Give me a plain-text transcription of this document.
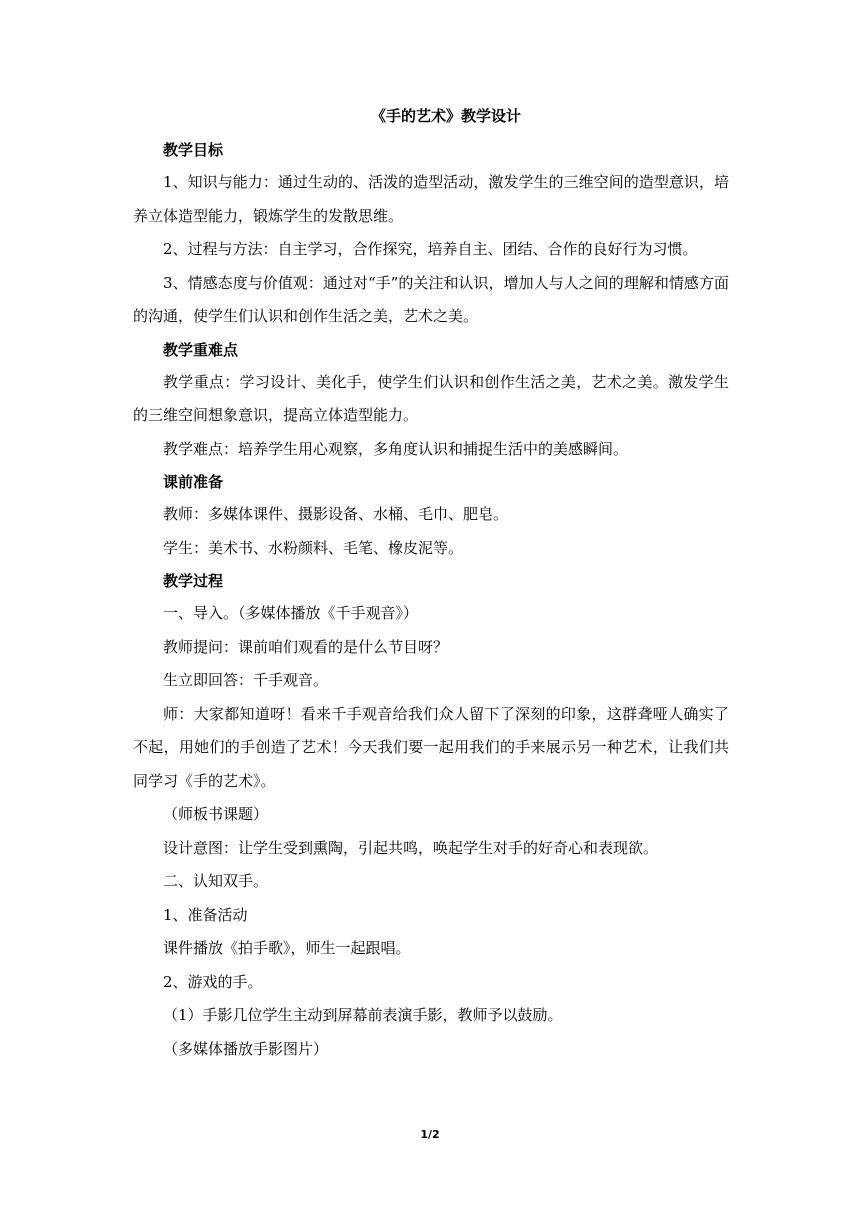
《手的艺术》教学设计
教学目标

1、知识与能力：通过生动的、活泼的造型活动，激发学生的三维空间的造型意识，培养立体造型能力，锻炼学生的发散思维。

2、过程与方法：自主学习，合作探究，培养自主、团结、合作的良好行为习惯。

3、情感态度与价值观：通过对“手”的关注和认识，增加人与人之间的理解和情感方面的沟通，使学生们认识和创作生活之美，艺术之美。

教学重难点

教学重点：学习设计、美化手，使学生们认识和创作生活之美，艺术之美。激发学生的三维空间想象意识，提高立体造型能力。

教学难点：培养学生用心观察，多角度认识和捕捉生活中的美感瞬间。

课前准备

教师：多媒体课件、摄影设备、水桶、毛巾、肥皂。

学生：美术书、水粉颜料、毛笔、橡皮泥等。

教学过程

一、导入。（多媒体播放《千手观音》）

教师提问：课前咱们观看的是什么节目呀？

生立即回答：千手观音。

师：大家都知道呀！看来千手观音给我们众人留下了深刻的印象，这群聋哑人确实了不起，用她们的手创造了艺术！今天我们要一起用我们的手来展示另一种艺术，让我们共同学习《手的艺术》。

（师板书课题）

设计意图：让学生受到熏陶，引起共鸣，唤起学生对手的好奇心和表现欲。

二、认知双手。

1、准备活动

课件播放《拍手歌》，师生一起跟唱。

2、游戏的手。

（1）手影几位学生主动到屏幕前表演手影，教师予以鼓励。

（多媒体播放手影图片）

1/2
